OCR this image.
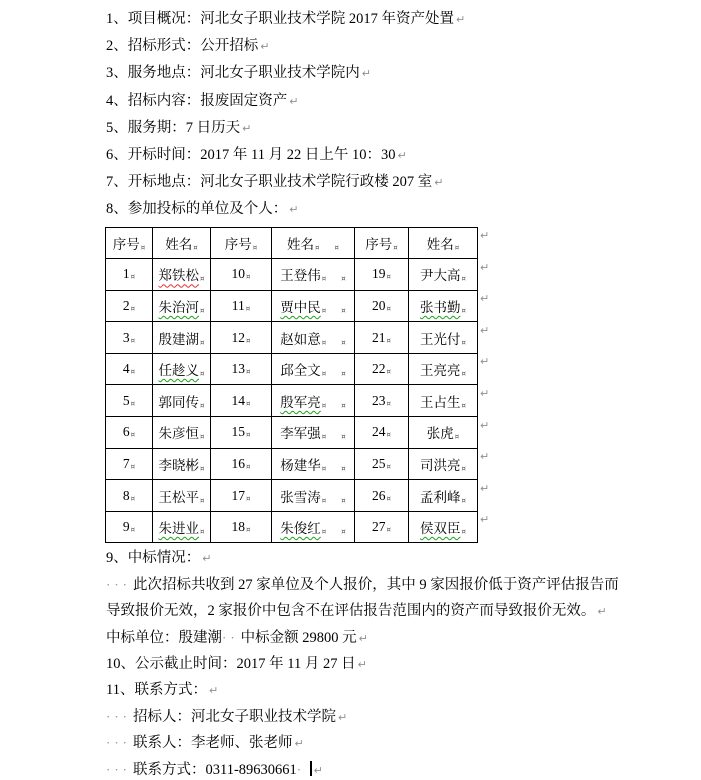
1、项目概况：河北女子职业技术学院 2017 年资产处置 ↵
2、招标形式：公开招标 ↵
3、服务地点：河北女子职业技术学院内 ↵
4、招标内容：报废固定资产 ↵
5、服务期：7 日历天 ↵
6、开标时间：2017 年 11 月 22 日上午 10：30 ↵
7、开标地点：河北女子职业技术学院行政楼 207 室 ↵
8、参加投标的单位及个人： ↵
序号¤	姓名¤	序号¤	姓名¤ ¤	序号¤	姓名¤	↵
1¤	郑铁松¤	10¤	王登伟¤ ¤	19¤	尹大高¤	↵
2¤	朱治河¤	11¤	贾中民¤ ¤	20¤	张书勤¤	↵
3¤	殷建湖¤	12¤	赵如意¤ ¤	21¤	王光付¤	↵
4¤	任趁义¤	13¤	邱全文¤ ¤	22¤	王亮亮¤	↵
5¤	郭同传¤	14¤	殷军亮¤ ¤	23¤	王占生¤	↵
6¤	朱彦恒¤	15¤	李军强¤ ¤	24¤	张虎¤	↵
7¤	李晓彬¤	16¤	杨建华¤ ¤	25¤	司洪亮¤	↵
8¤	王松平¤	17¤	张雪涛¤ ¤	26¤	孟利峰¤	↵
9¤	朱进业¤	18¤	朱俊红¤ ¤	27¤	侯双臣¤	↵
9、中标情况： ↵
··· 此次招标共收到 27 家单位及个人报价，其中 9 家因报价低于资产评估报告而
导致报价无效，2 家报价中包含不在评估报告范围内的资产而导致报价无效。 ↵
中标单位：殷建潮·· 中标金额 29800 元 ↵
10、公示截止时间：2017 年 11 月 27 日 ↵
11、联系方式： ↵
··· 招标人：河北女子职业技术学院 ↵
··· 联系人：李老师、张老师 ↵
··· 联系方式：0311-89630661· ↵
